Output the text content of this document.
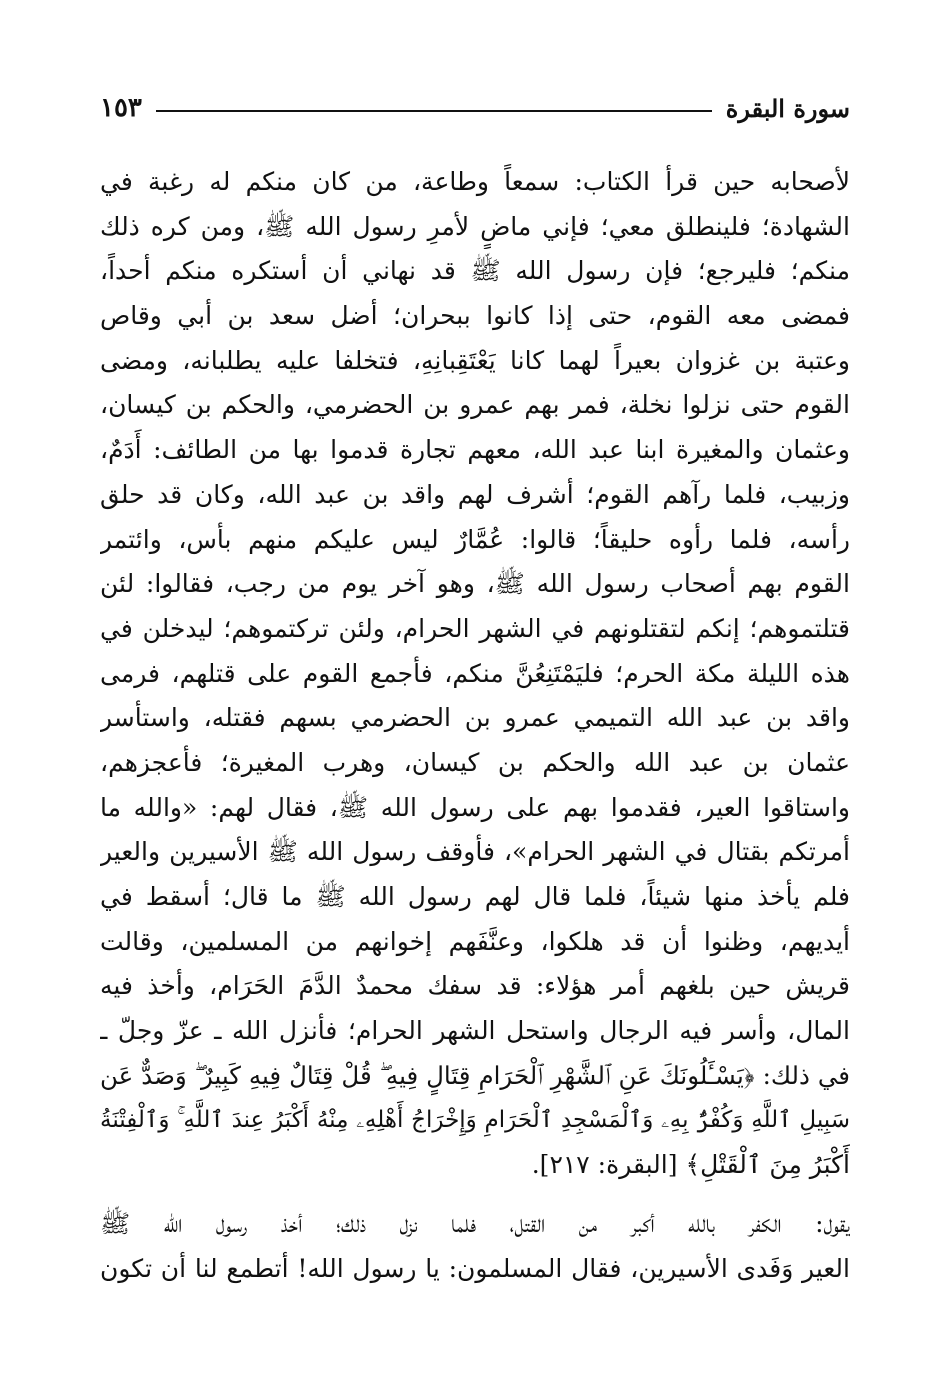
سورة البقرة
١٥٣
لأصحابه حين قرأ الكتاب: سمعاً وطاعة، من كان منكم له رغبة في
الشهادة؛ فلينطلق معي؛ فإني ماضٍ لأمرِ رسول الله ﷺ، ومن كره ذلك
منكم؛ فليرجع؛ فإن رسول الله ﷺ قد نهاني أن أستكره منكم أحداً،
فمضى معه القوم، حتى إذا كانوا ببحران؛ أضل سعد بن أبي وقاص
وعتبة بن غزوان بعيراً لهما كانا يَعْتَقِبانِهِ، فتخلفا عليه يطلبانه، ومضى
القوم حتى نزلوا نخلة، فمر بهم عمرو بن الحضرمي، والحكم بن كيسان،
وعثمان والمغيرة ابنا عبد الله، معهم تجارة قدموا بها من الطائف: أَدَمٌ،
وزبيب، فلما رآهم القوم؛ أشرف لهم واقد بن عبد الله، وكان قد حلق
رأسه، فلما رأوه حليقاً؛ قالوا: عُمَّارٌ ليس عليكم منهم بأس، وائتمر
القوم بهم أصحاب رسول الله ﷺ، وهو آخر يوم من رجب، فقالوا: لئن
قتلتموهم؛ إنكم لتقتلونهم في الشهر الحرام، ولئن تركتموهم؛ ليدخلن في
هذه الليلة مكة الحرم؛ فليَمْتَنِعُنَّ منكم، فأجمع القوم على قتلهم، فرمى
واقد بن عبد الله التميمي عمرو بن الحضرمي بسهم فقتله، واستأسر
عثمان بن عبد الله والحكم بن كيسان، وهرب المغيرة؛ فأعجزهم،
واستاقوا العير، فقدموا بهم على رسول الله ﷺ، فقال لهم: «والله ما
أمرتكم بقتال في الشهر الحرام»، فأوقف رسول الله ﷺ الأسيرين والعير
فلم يأخذ منها شيئاً، فلما قال لهم رسول الله ﷺ ما قال؛ أسقط في
أيديهم، وظنوا أن قد هلكوا، وعنَّفَهم إخوانهم من المسلمين، وقالت
قريش حين بلغهم أمر هؤلاء: قد سفك محمدٌ الدَّمَ الحَرَام، وأخذ فيه
المال، وأسر فيه الرجال واستحل الشهر الحرام؛ فأنزل الله ـ عزّ وجلّ ـ
في ذلك: ﴿يَسْـَٔلُونَكَ عَنِ ٱلشَّهْرِ ٱلْحَرَامِ قِتَالٍ فِيهِ ۖ قُلْ قِتَالٌ فِيهِ كَبِيرٌ ۖ وَصَدٌّ عَن
سَبِيلِ ٱللَّهِ وَكُفْرٌۢ بِهِۦ وَٱلْمَسْجِدِ ٱلْحَرَامِ وَإِخْرَاجُ أَهْلِهِۦ مِنْهُ أَكْبَرُ عِندَ ٱللَّهِ ۚ وَٱلْفِتْنَةُ
أَكْبَرُ مِنَ ٱلْقَتْلِ﴾ [البقرة: ٢١٧].
يقول: الكفر بالله أكبر من القتل، فلما نزل ذلك؛ أخذ رسول الله ﷺ
العير وَفَدى الأسيرين، فقال المسلمون: يا رسول الله! أتطمع لنا أن تكون
